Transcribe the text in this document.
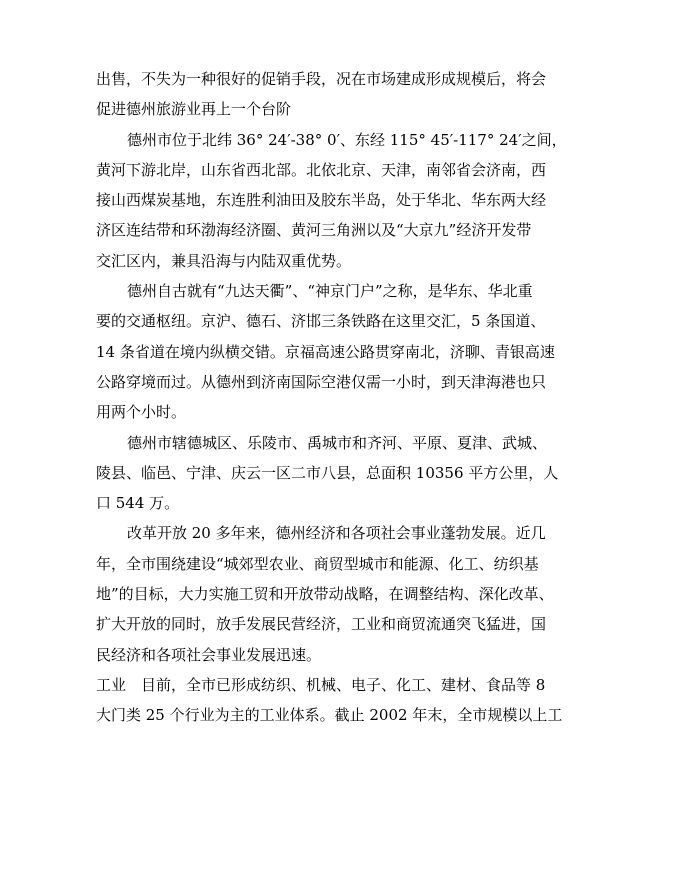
出售，不失为一种很好的促销手段，况在市场建成形成规模后，将会
促进德州旅游业再上一个台阶
德州市位于北纬 36° 24′-38° 0′、东经 115° 45′-117° 24′之间，
黄河下游北岸，山东省西北部。北依北京、天津，南邻省会济南，西
接山西煤炭基地，东连胜利油田及胶东半岛，处于华北、华东两大经
济区连结带和环渤海经济圈、黄河三角洲以及“大京九”经济开发带
交汇区内，兼具沿海与内陆双重优势。
德州自古就有“九达天衢”、“神京门户”之称，是华东、华北重
要的交通枢纽。京沪、德石、济邯三条铁路在这里交汇，5 条国道、
14 条省道在境内纵横交错。京福高速公路贯穿南北，济聊、青银高速
公路穿境而过。从德州到济南国际空港仅需一小时，到天津海港也只
用两个小时。
德州市辖德城区、乐陵市、禹城市和齐河、平原、夏津、武城、
陵县、临邑、宁津、庆云一区二市八县，总面积 10356 平方公里，人
口 544 万。
改革开放 20 多年来，德州经济和各项社会事业蓬勃发展。近几
年，全市围绕建设“城郊型农业、商贸型城市和能源、化工、纺织基
地”的目标，大力实施工贸和开放带动战略，在调整结构、深化改革、
扩大开放的同时，放手发展民营经济，工业和商贸流通突飞猛进，国
民经济和各项社会事业发展迅速。
工业　目前，全市已形成纺织、机械、电子、化工、建材、食品等 8
大门类 25 个行业为主的工业体系。截止 2002 年末，全市规模以上工
